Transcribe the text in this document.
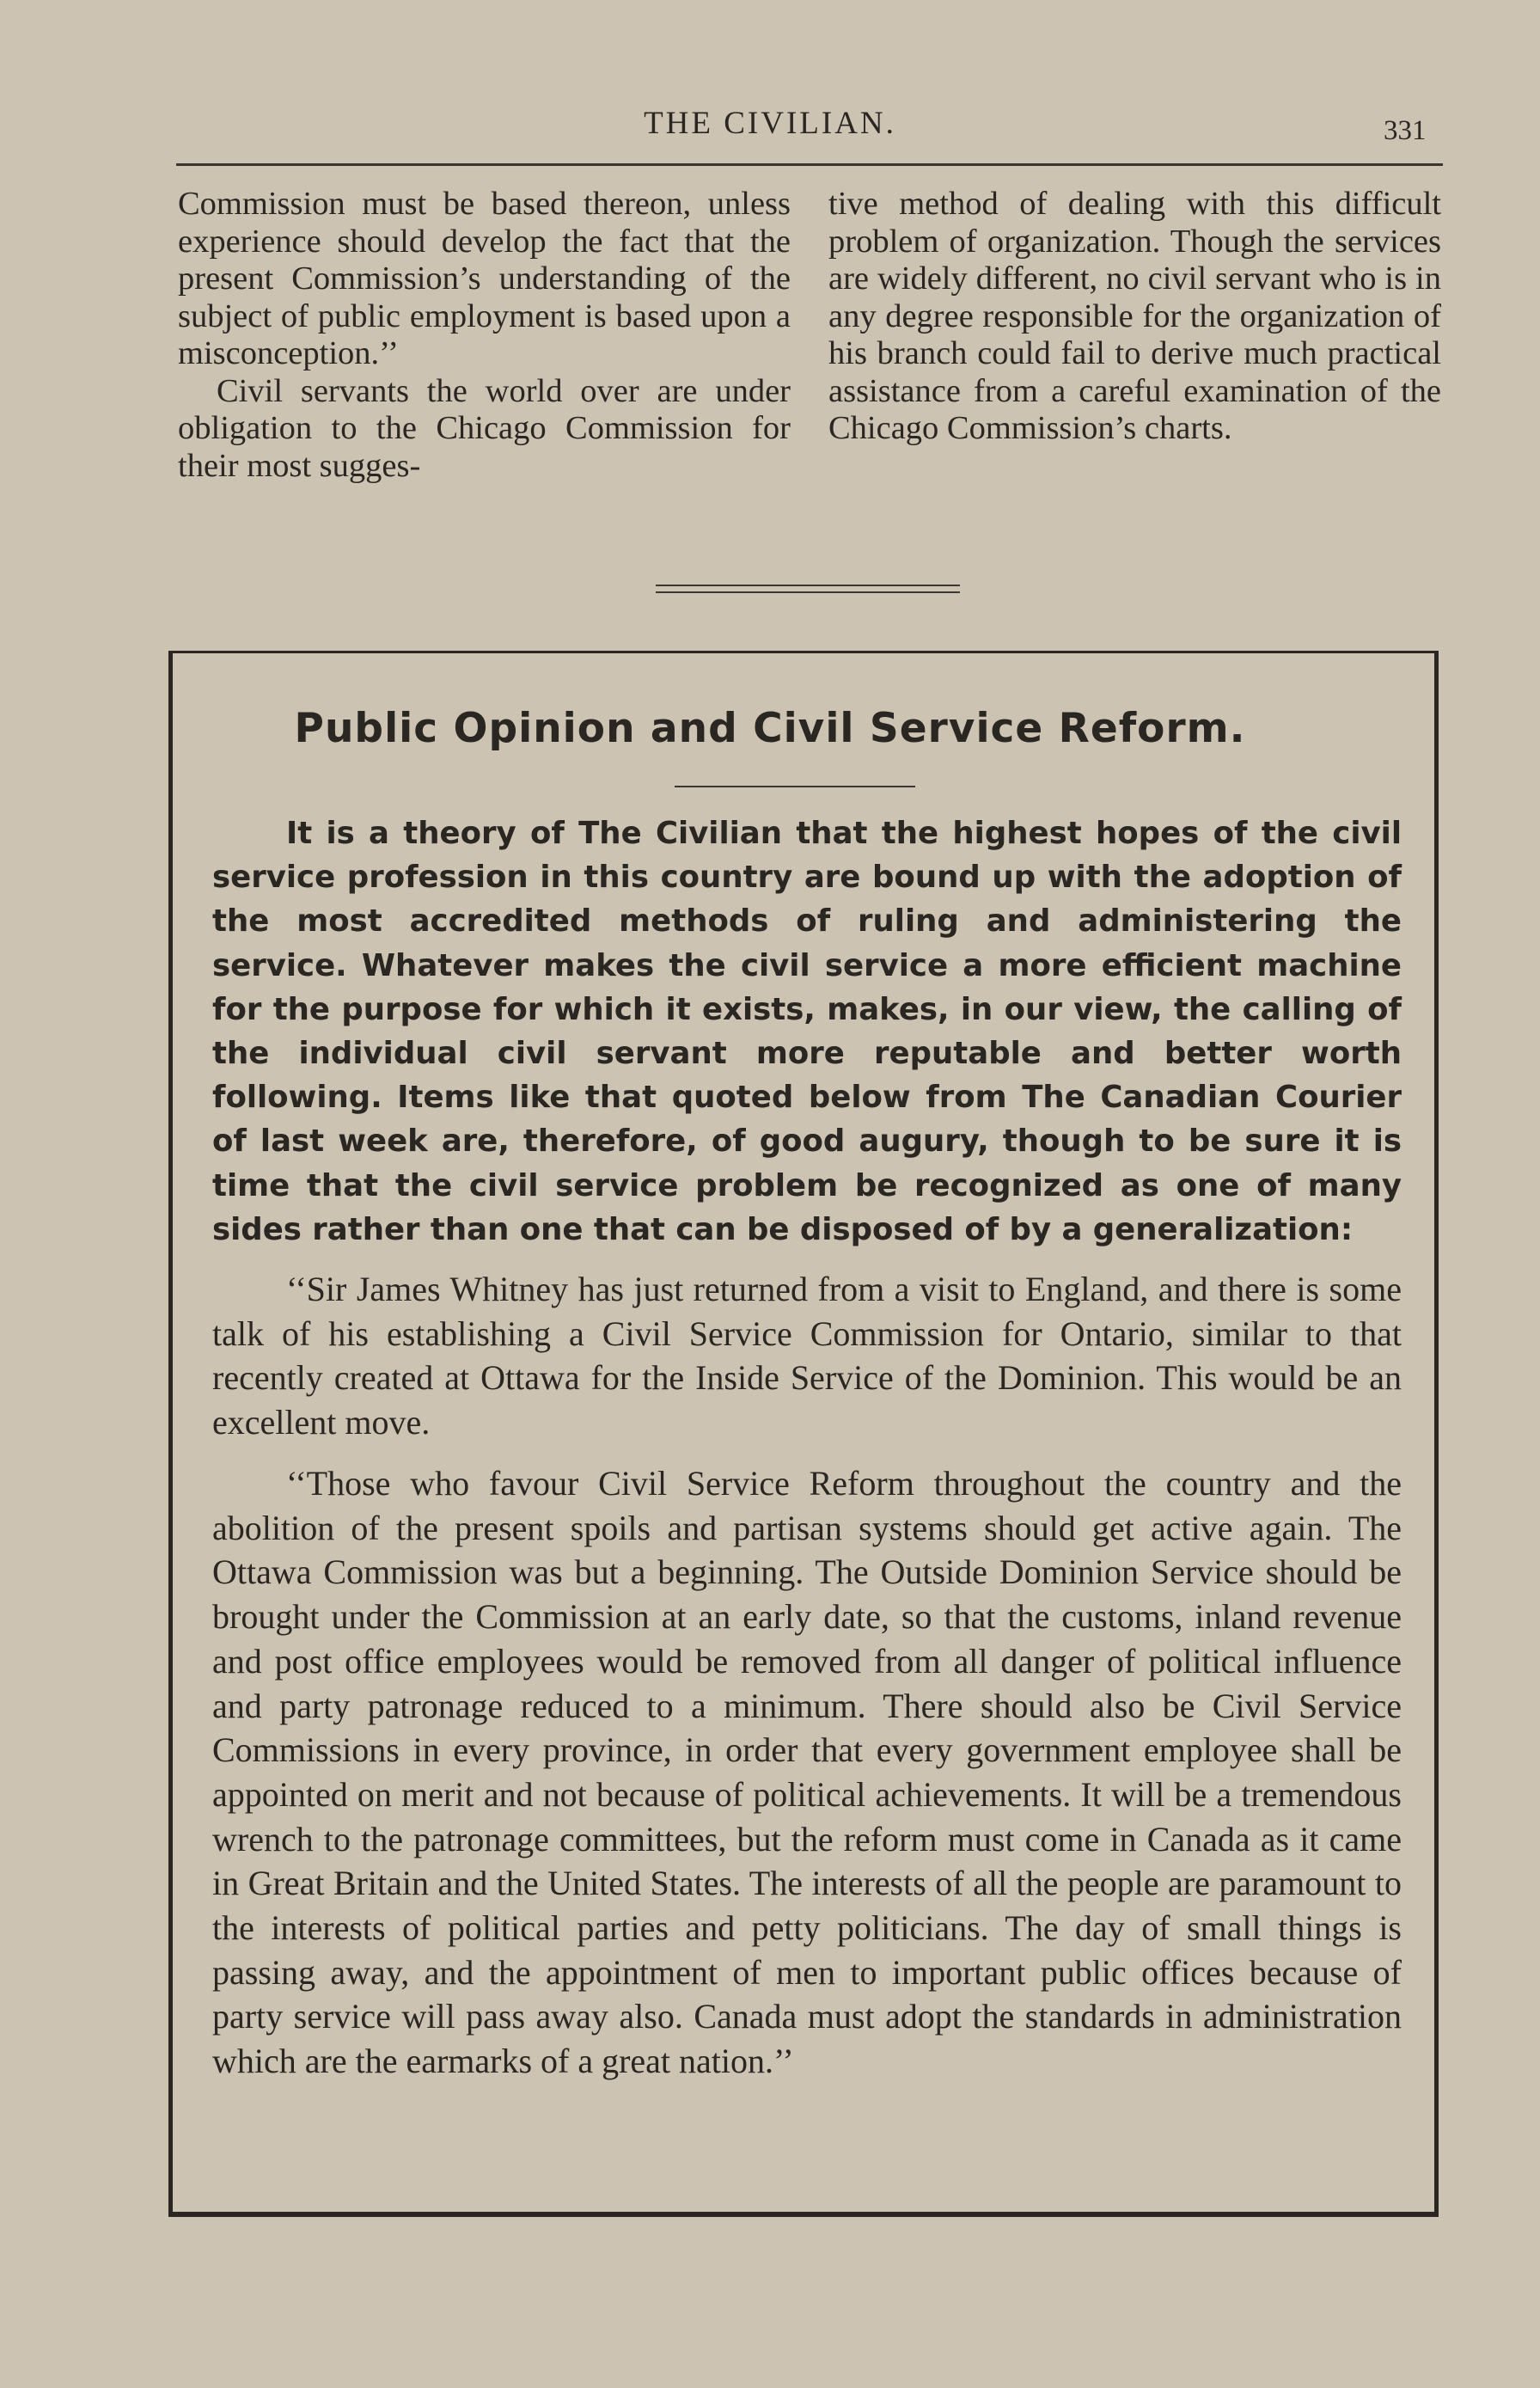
THE CIVILIAN.	331

Commission must be based thereon, unless experience should develop the fact that the present Commission’s understanding of the subject of public employment is based upon a misconception.’’

Civil servants the world over are under obligation to the Chicago Commission for their most sugges-

tive method of dealing with this difficult problem of organization. Though the services are widely different, no civil servant who is in any degree responsible for the organization of his branch could fail to derive much practical assistance from a careful examination of the Chicago Commission’s charts.

Public Opinion and Civil Service Reform.

It is a theory of The Civilian that the highest hopes of the civil service profession in this country are bound up with the adoption of the most accredited methods of ruling and administering the service. Whatever makes the civil service a more efficient machine for the purpose for which it exists, makes, in our view, the calling of the individual civil servant more reputable and better worth following. Items like that quoted below from The Canadian Courier of last week are, therefore, of good augury, though to be sure it is time that the civil service problem be recognized as one of many sides rather than one that can be disposed of by a generalization:

‘‘Sir James Whitney has just returned from a visit to England, and there is some talk of his establishing a Civil Service Commission for Ontario, similar to that recently created at Ottawa for the Inside Service of the Dominion. This would be an excellent move.

‘‘Those who favour Civil Service Reform throughout the country and the abolition of the present spoils and partisan systems should get active again. The Ottawa Commission was but a beginning. The Outside Dominion Service should be brought under the Commission at an early date, so that the customs, inland revenue and post office employees would be removed from all danger of political influence and party patronage reduced to a minimum. There should also be Civil Service Commissions in every province, in order that every government employee shall be appointed on merit and not because of political achievements. It will be a tremendous wrench to the patronage committees, but the reform must come in Canada as it came in Great Britain and the United States. The interests of all the people are paramount to the interests of political parties and petty politicians. The day of small things is passing away, and the appointment of men to important public offices because of party service will pass away also. Canada must adopt the standards in administration which are the earmarks of a great nation.’’
